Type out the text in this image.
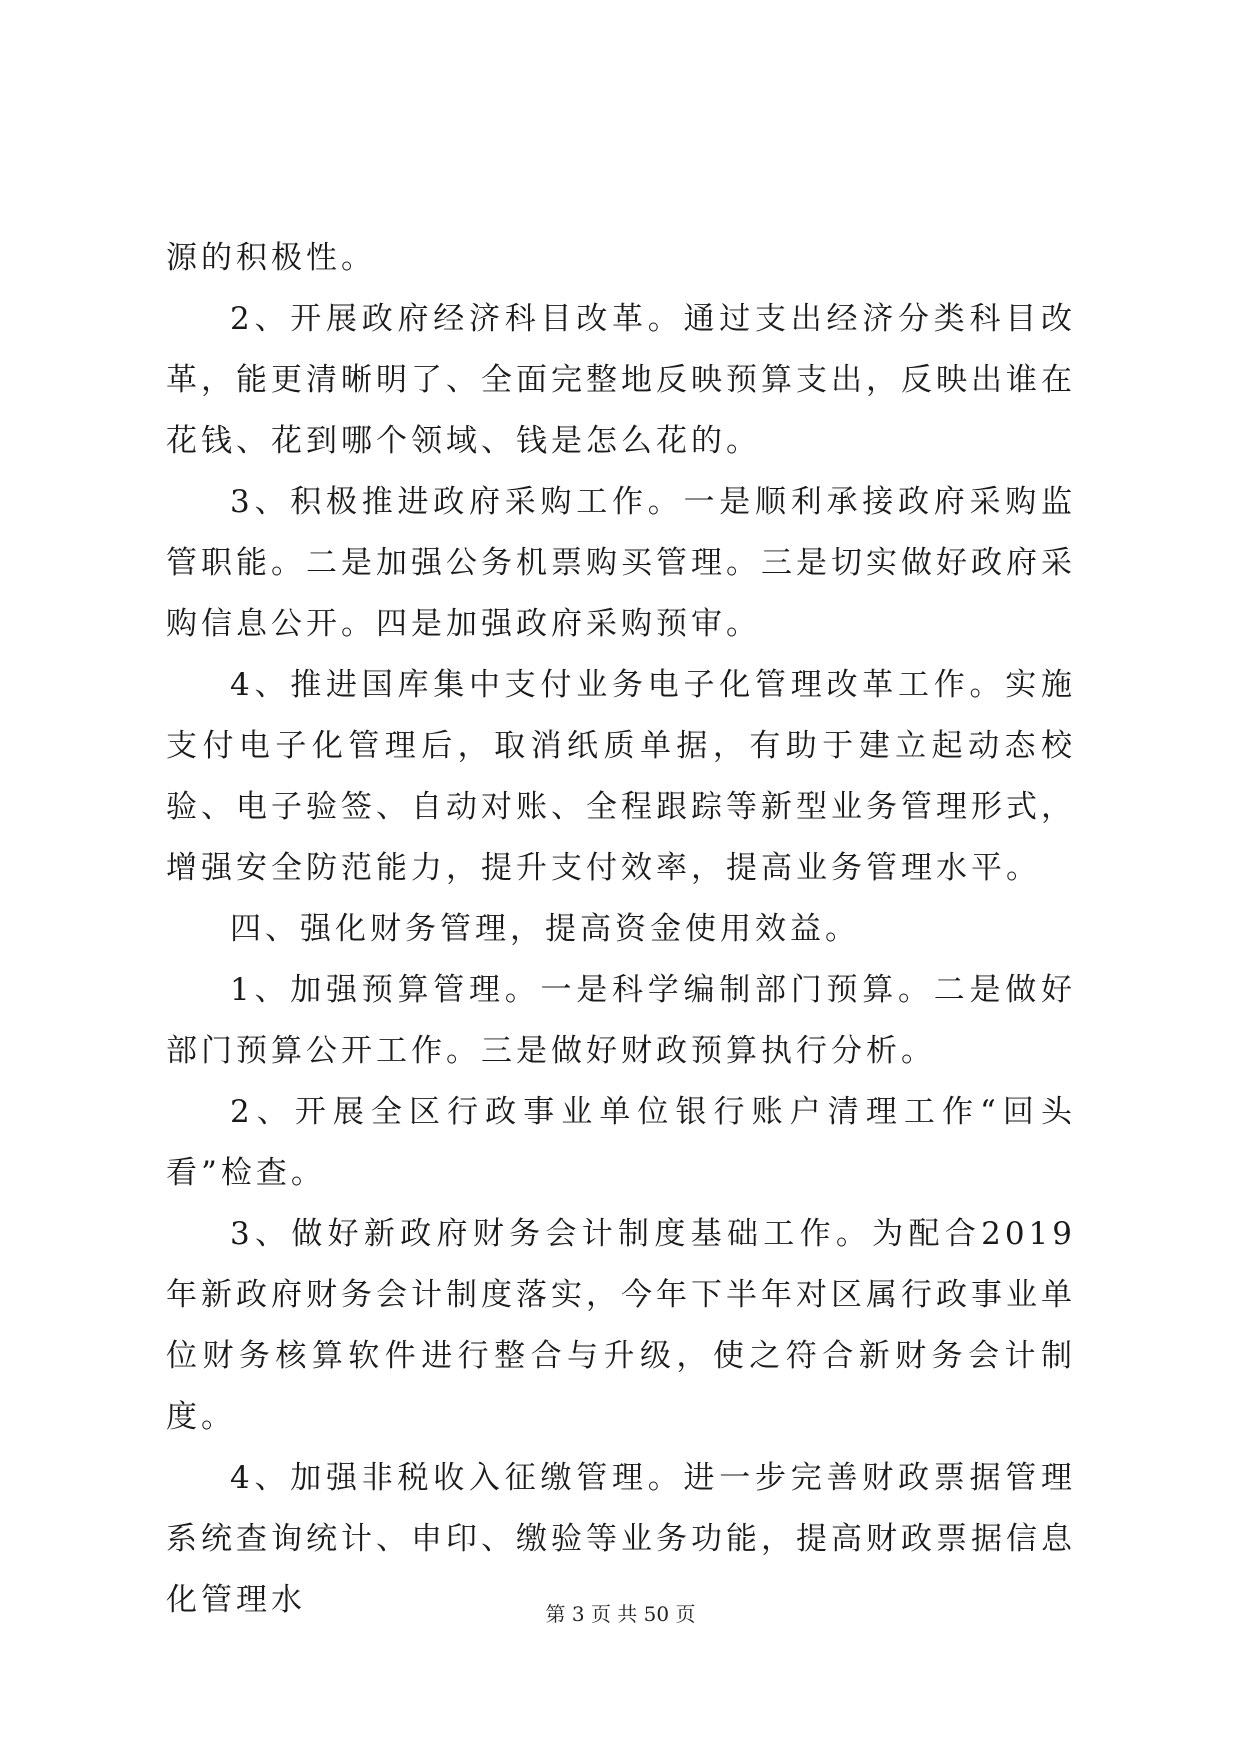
源的积极性。

2、开展政府经济科目改革。通过支出经济分类科目改革，能更清晰明了、全面完整地反映预算支出，反映出谁在花钱、花到哪个领域、钱是怎么花的。

3、积极推进政府采购工作。一是顺利承接政府采购监管职能。二是加强公务机票购买管理。三是切实做好政府采购信息公开。四是加强政府采购预审。

4、推进国库集中支付业务电子化管理改革工作。实施支付电子化管理后，取消纸质单据，有助于建立起动态校验、电子验签、自动对账、全程跟踪等新型业务管理形式，增强安全防范能力，提升支付效率，提高业务管理水平。

四、强化财务管理，提高资金使用效益。

1、加强预算管理。一是科学编制部门预算。二是做好部门预算公开工作。三是做好财政预算执行分析。

2、开展全区行政事业单位银行账户清理工作“回头看”检查。

3、做好新政府财务会计制度基础工作。为配合2019年新政府财务会计制度落实，今年下半年对区属行政事业单位财务核算软件进行整合与升级，使之符合新财务会计制度。

4、加强非税收入征缴管理。进一步完善财政票据管理系统查询统计、申印、缴验等业务功能，提高财政票据信息化管理水	第 3 页 共 50 页
